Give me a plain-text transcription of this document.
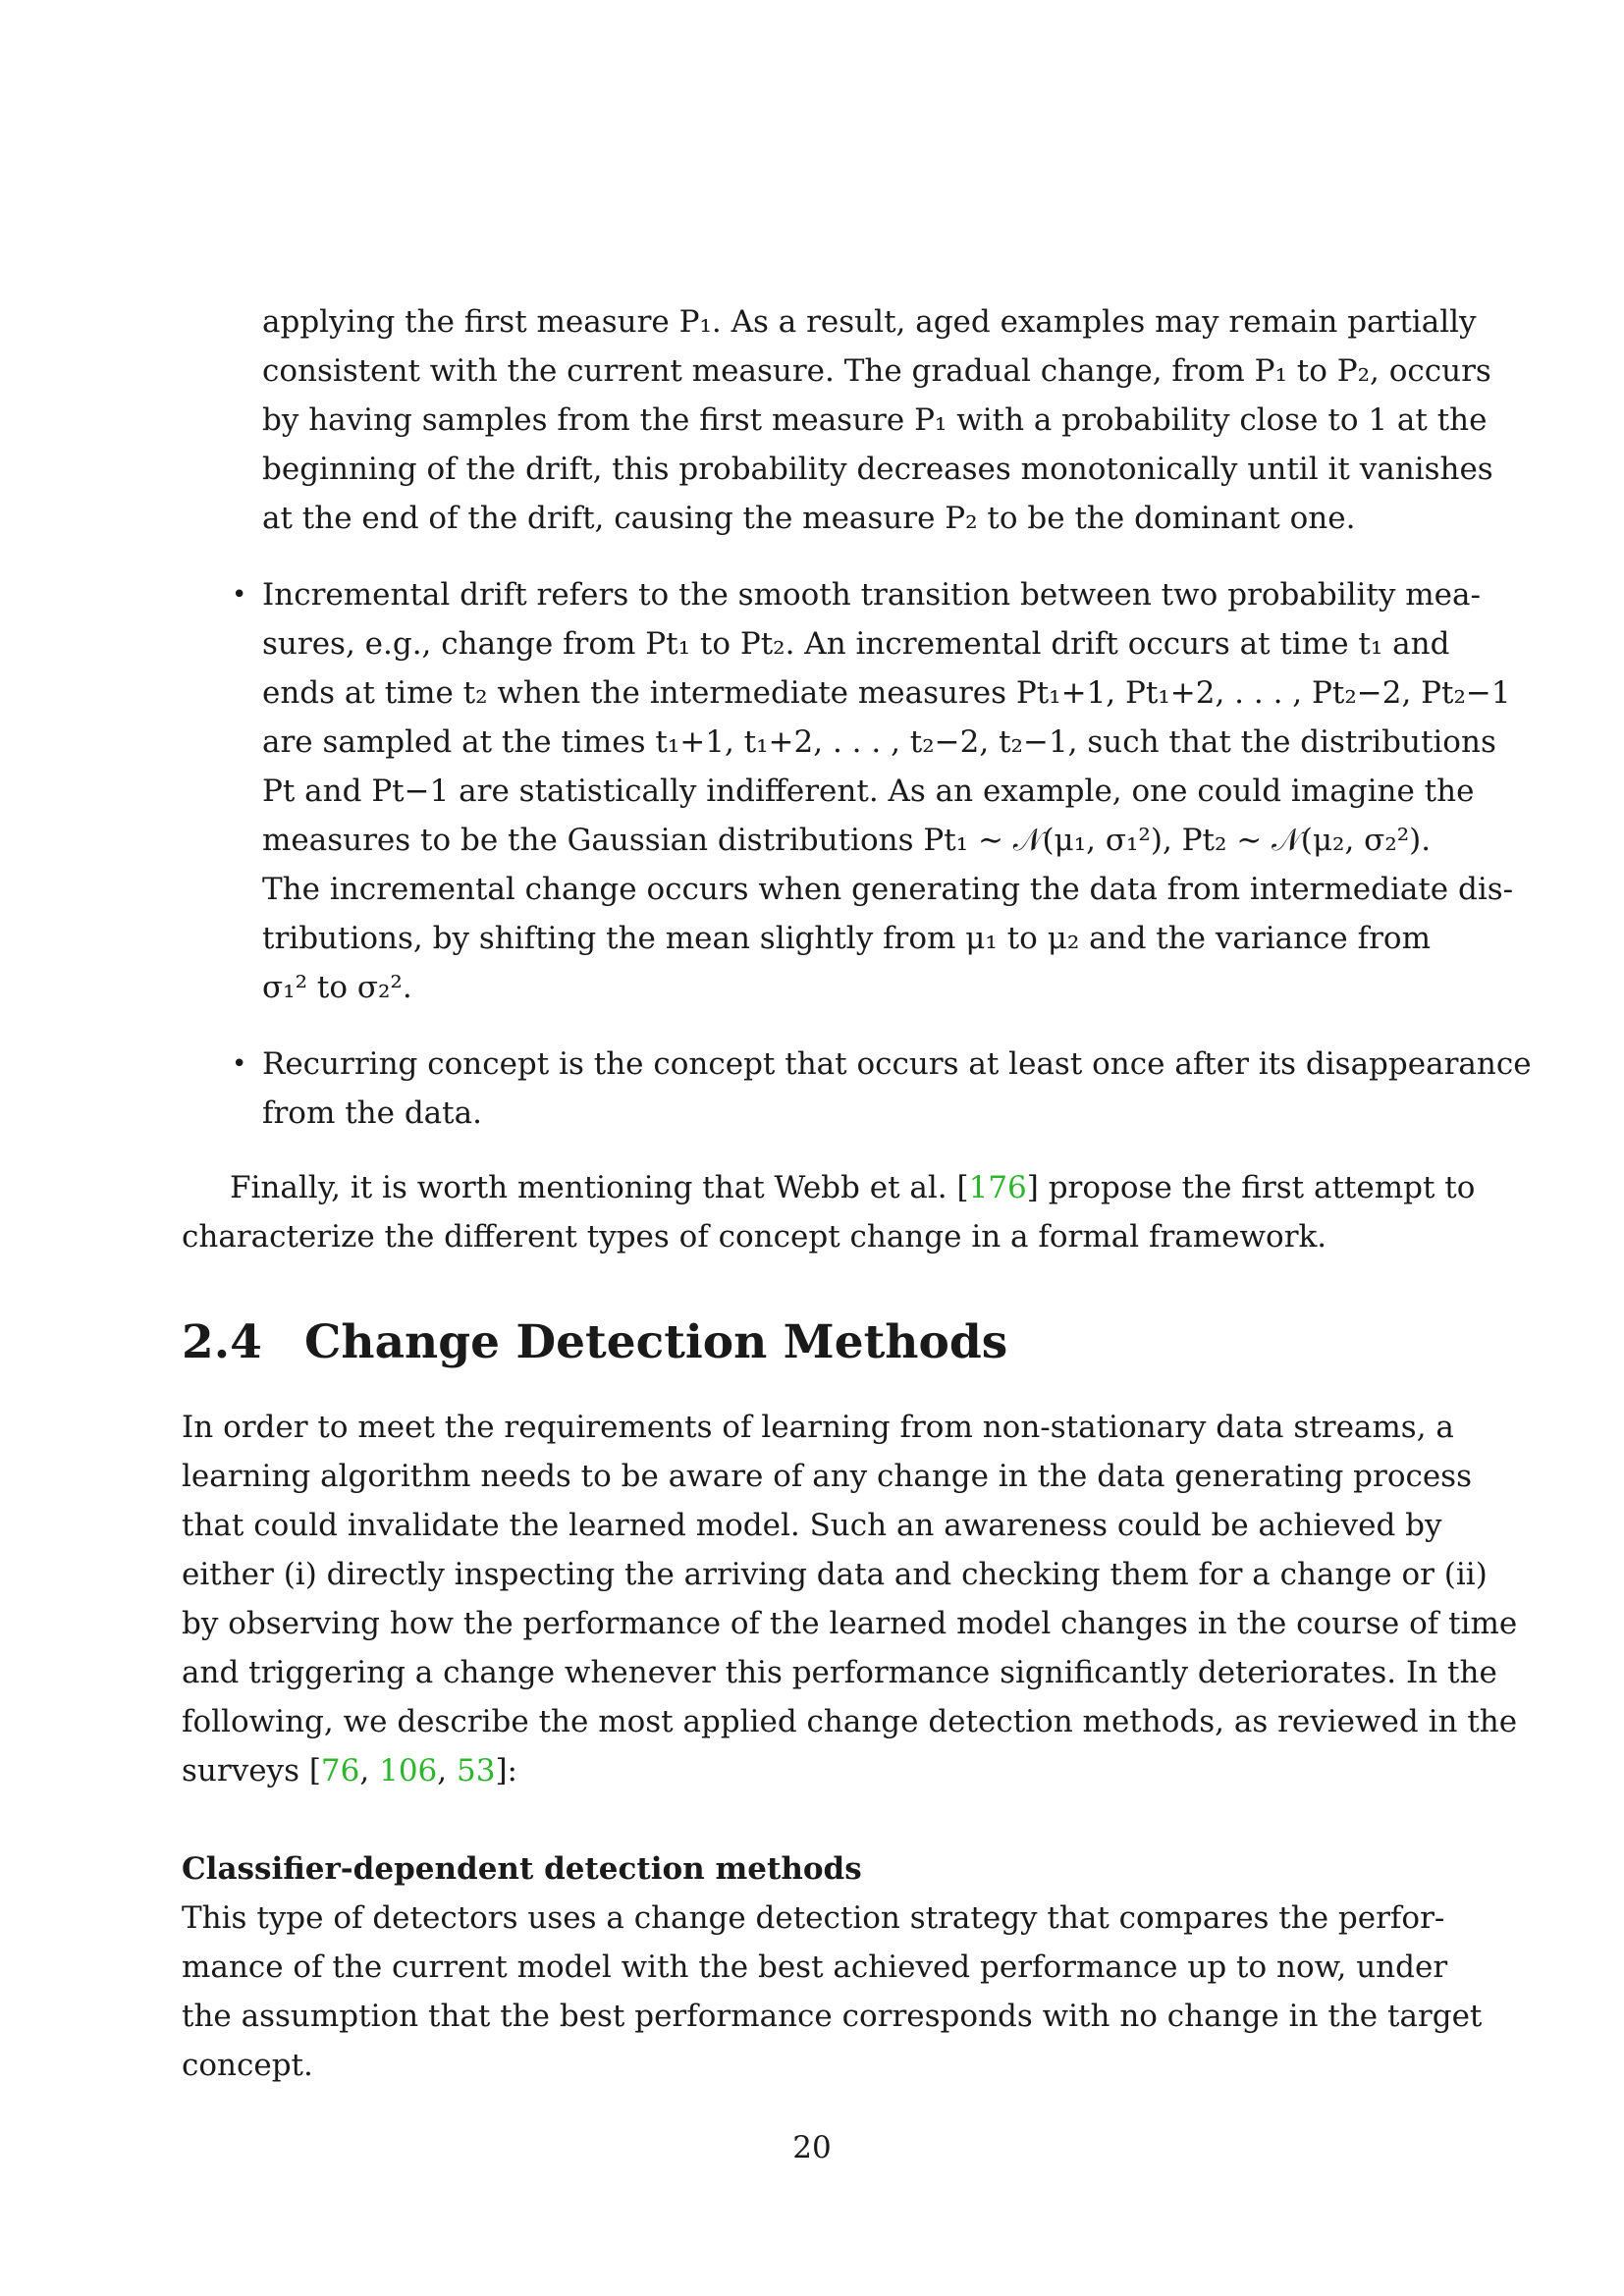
applying the first measure P₁. As a result, aged examples may remain partially
consistent with the current measure. The gradual change, from P₁ to P₂, occurs
by having samples from the first measure P₁ with a probability close to 1 at the
beginning of the drift, this probability decreases monotonically until it vanishes
at the end of the drift, causing the measure P₂ to be the dominant one.
• Incremental drift refers to the smooth transition between two probability mea-
sures, e.g., change from Pt₁ to Pt₂. An incremental drift occurs at time t₁ and
ends at time t₂ when the intermediate measures Pt₁+1, Pt₁+2, . . . , Pt₂−2, Pt₂−1
are sampled at the times t₁+1, t₁+2, . . . , t₂−2, t₂−1, such that the distributions
Pt and Pt−1 are statistically indifferent. As an example, one could imagine the
measures to be the Gaussian distributions Pt₁ ∼ 𝒩(μ₁, σ₁²), Pt₂ ∼ 𝒩(μ₂, σ₂²).
The incremental change occurs when generating the data from intermediate dis-
tributions, by shifting the mean slightly from μ₁ to μ₂ and the variance from
σ₁² to σ₂².
• Recurring concept is the concept that occurs at least once after its disappearance
from the data.
Finally, it is worth mentioning that Webb et al. [176] propose the first attempt to
characterize the different types of concept change in a formal framework.
2.4 Change Detection Methods
In order to meet the requirements of learning from non-stationary data streams, a
learning algorithm needs to be aware of any change in the data generating process
that could invalidate the learned model. Such an awareness could be achieved by
either (i) directly inspecting the arriving data and checking them for a change or (ii)
by observing how the performance of the learned model changes in the course of time
and triggering a change whenever this performance significantly deteriorates. In the
following, we describe the most applied change detection methods, as reviewed in the
surveys [76, 106, 53]:
Classifier-dependent detection methods
This type of detectors uses a change detection strategy that compares the perfor-
mance of the current model with the best achieved performance up to now, under
the assumption that the best performance corresponds with no change in the target
concept.
20
